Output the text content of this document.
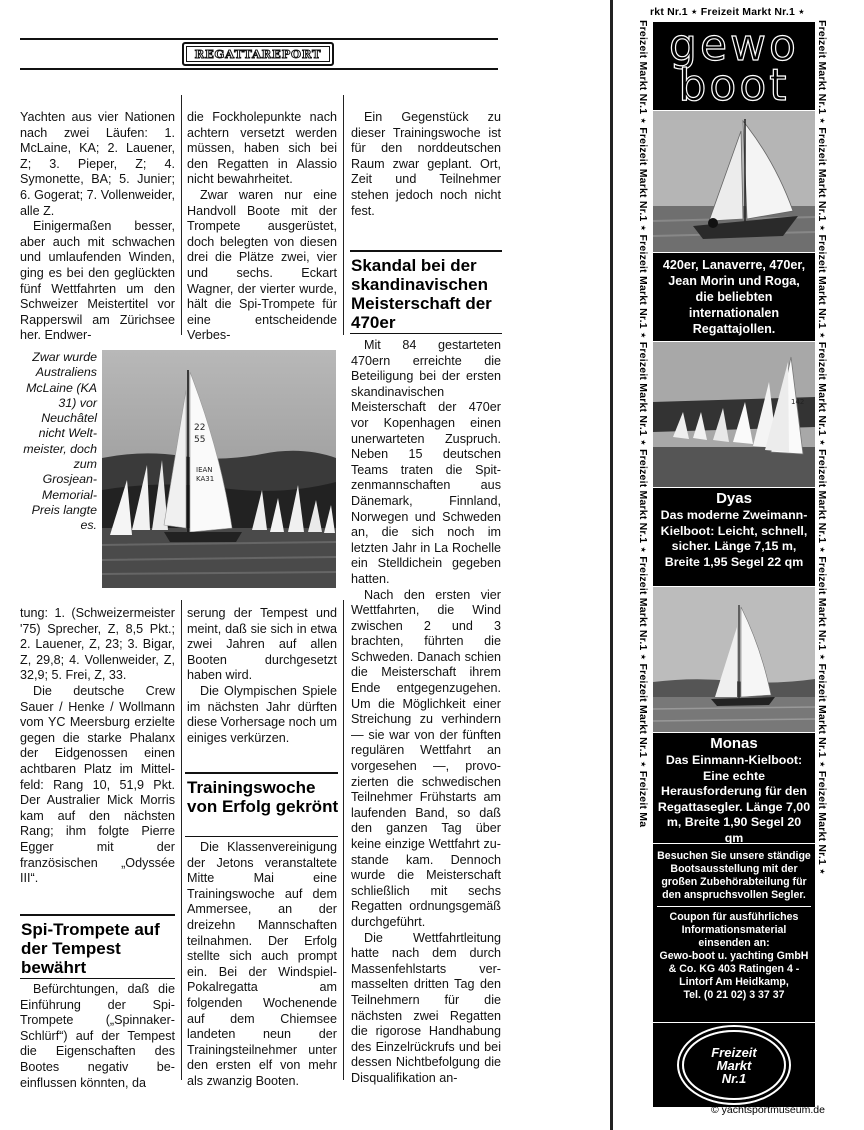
REGATTAREPORT

Yachten aus vier Nationen nach zwei Läufen: 1. McLaine, KA; 2. Lauener, Z; 3. Pieper, Z; 4. Symonette, BA; 5. Junier; 6. Gogerat; 7. Vollenweider, alle Z.

Einigermaßen besser, aber auch mit schwachen und umlaufenden Winden, ging es bei den geglückten fünf Wettfahrten um den Schweizer Meistertitel vor Rapperswil am Zürichsee her. Endwer-

die Fockholepunkte nach achtern versetzt werden müssen, haben sich bei den Regatten in Alassio nicht bewahrheitet.

Zwar waren nur eine Handvoll Boote mit der Trompete ausgerüstet, doch belegten von diesen drei die Plätze zwei, vier und sechs. Eckart Wagner, der vierter wurde, hält die Spi-Trompete für eine entscheidende Verbes-

Ein Gegenstück zu dieser Trainingswoche ist für den norddeutschen Raum zwar geplant. Ort, Zeit und Teilnehmer stehen jedoch noch nicht fest.

Skandal bei der skandinavischen Meisterschaft der 470er

Mit 84 gestarteten 470ern erreichte die Beteiligung bei der ersten skandinavischen Meisterschaft der 470er vor Kopenhagen einen unerwarteten Zuspruch. Neben 15 deutschen Teams traten die Spitzenmannschaften aus Dänemark, Finnland, Norwegen und Schweden an, die sich noch im letzten Jahr in La Rochelle ein Stelldichein gegeben hatten.

Nach den ersten vier Wettfahrten, die Wind zwischen 2 und 3 brachten, führten die Schweden. Danach schien die Meisterschaft ihrem Ende entgegenzugehen. Um die Möglichkeit einer Streichung zu verhindern — sie war von der fünften regulären Wettfahrt an vorgesehen —, provozierten die schwedischen Teilnehmer Frühstarts am laufenden Band, so daß den ganzen Tag über keine einzige Wettfahrt zustande kam. Dennoch wurde die Meisterschaft schließlich mit sechs Regatten ordnungsgemäß durchgeführt.

Die Wettfahrtleitung hatte nach dem durch Massenfehlstarts vermasselten dritten Tag den Teilnehmern für die nächsten zwei Regatten die rigorose Handhabung des Einzelrückrufs und bei dessen Nichtbefolgung die Disqualifikation an-

Zwar wurde Australiens McLaine (KA 31) vor Neuchâtel nicht Weltmeister, doch zum Grosjean-Memorial-Preis langte es.
22
55
IEAN
KA31

tung: 1. (Schweizermeister '75) Sprecher, Z, 8,5 Pkt.; 2. Lauener, Z, 23; 3. Bigar, Z, 29,8; 4. Vollenweider, Z, 32,9; 5. Frei, Z, 33.

Die deutsche Crew Sauer / Henke / Wollmann vom YC Meersburg erzielte gegen die starke Phalanx der Eidgenossen einen achtbaren Platz im Mittelfeld: Rang 10, 51,9 Pkt. Der Australier Mick Morris kam auf den nächsten Rang; ihm folgte Pierre Egger mit der französischen „Odyssée III“.

Spi-Trompete auf der Tempest bewährt

Befürchtungen, daß die Einführung der SpiTrompete („SpinnakerSchlürf“) auf der Tempest die Eigenschaften des Bootes negativ beeinflussen könnten, da

serung der Tempest und meint, daß sie sich in etwa zwei Jahren auf allen Booten durchgesetzt haben wird.

Die Olympischen Spiele im nächsten Jahr dürften diese Vorhersage noch um einiges verkürzen.

Trainingswoche von Erfolg gekrönt

Die Klassenvereinigung der Jetons veranstaltete Mitte Mai eine Trainingswoche auf dem Ammersee, an der dreizehn Mannschaften teilnahmen. Der Erfolg stellte sich auch prompt ein. Bei der Windspiel-Pokalregatta am folgenden Wochenende auf dem Chiemsee landeten neun der Trainingsteilnehmer unter den ersten elf von mehr als zwanzig Booten.

rkt Nr.1 ⋆ Freizeit Markt Nr.1 ⋆
Freizeit Markt Nr.1 ⋆ Freizeit Markt Nr.1 ⋆ Freizeit Markt Nr.1 ⋆ Freizeit Markt Nr.1 ⋆ Freizeit Markt Nr.1 ⋆ Freizeit Markt Nr.1 ⋆ Freizeit Markt Nr.1 ⋆ Freizeit Ma	Freizeit Markt Nr.1 ⋆ Freizeit Markt Nr.1 ⋆ Freizeit Markt Nr.1 ⋆ Freizeit Markt Nr.1 ⋆ Freizeit Markt Nr.1 ⋆ Freizeit Markt Nr.1 ⋆ Freizeit Markt Nr.1 ⋆ Freizeit Markt Nr.1 ⋆
gewo
boot
420er, Lanaverre, 470er, Jean Morin und Roga, die beliebten internationalen Regattajollen.
142
Dyas
Das moderne Zweimann-Kielboot: Leicht, schnell, sicher. Länge 7,15 m, Breite 1,95 Segel 22 qm
Monas
Das Einmann-Kielboot: Eine echte Herausforderung für den Regattasegler. Länge 7,00 m, Breite 1,90 Segel 20 qm
Besuchen Sie unsere ständige Bootsausstellung mit der großen Zubehörabteilung für den anspruchsvollen Segler.
Coupon für ausführliches Informationsmaterial einsenden an:
Gewo-boot u. yachting GmbH & Co. KG 403 Ratingen 4 - Lintorf Am Heidkamp,
Tel. (0 21 02) 3 37 37
Freizeit
Markt
Nr.1
© yachtsportmuseum.de
